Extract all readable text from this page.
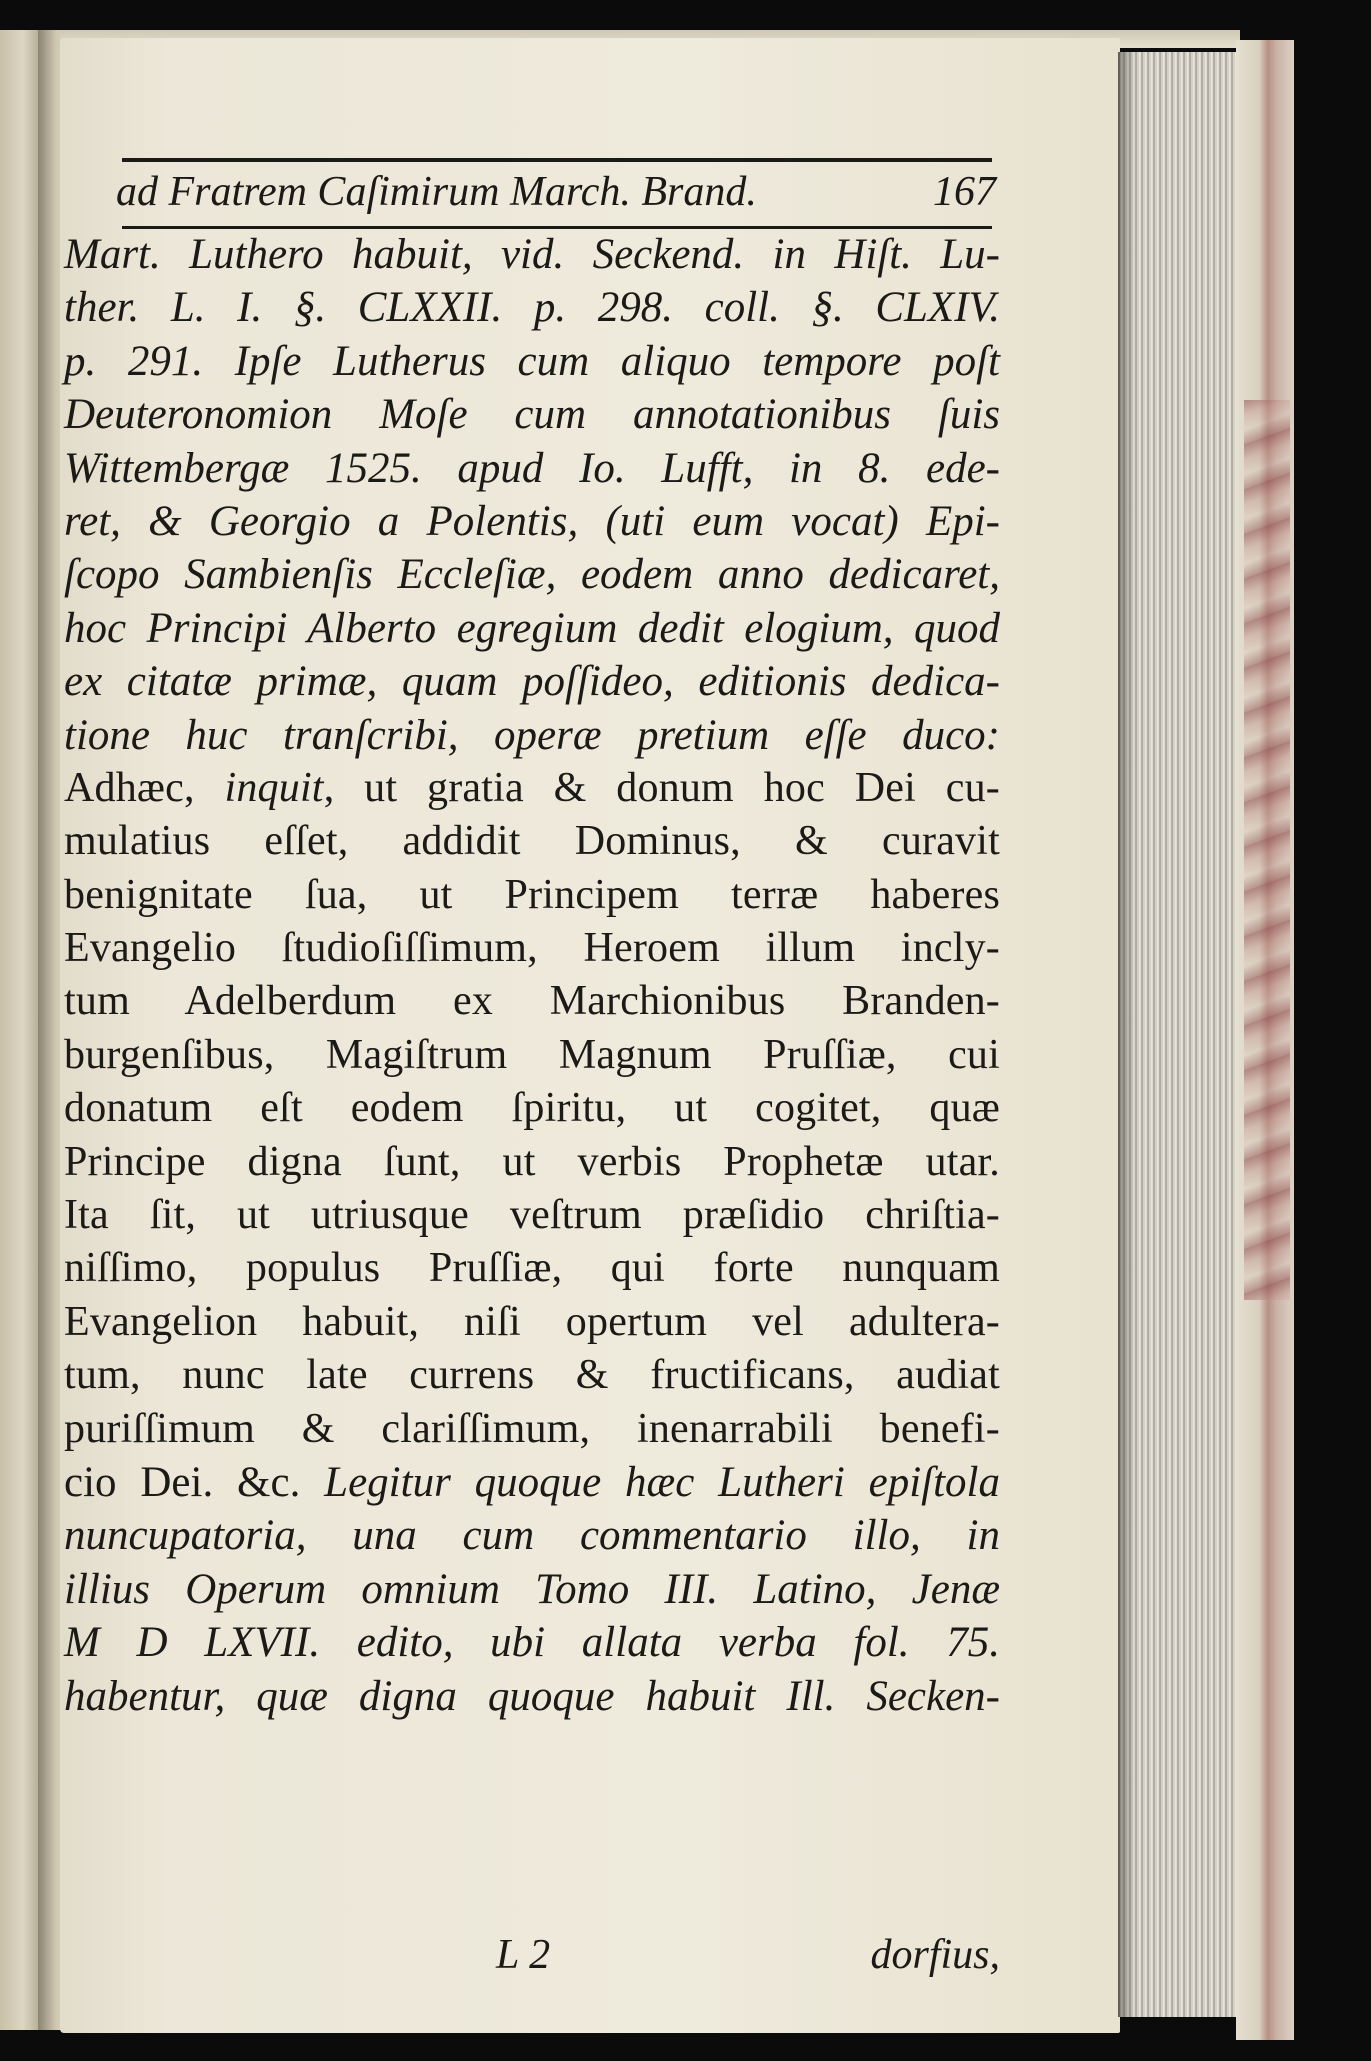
ad Fratrem Caſimirum March. Brand.	167
Mart. Luthero habuit, vid. Seckend. in Hiſt. Lu-
ther. L. I. §. CLXXII. p. 298. coll. §. CLXIV.
p. 291. Ipſe Lutherus cum aliquo tempore poſt
Deuteronomion Moſe cum annotationibus ſuis
Wittembergæ 1525. apud Io. Lufft, in 8. ede-
ret, & Georgio a Polentis, (uti eum vocat) Epi-
ſcopo Sambienſis Eccleſiæ, eodem anno dedicaret,
hoc Principi Alberto egregium dedit elogium, quod
ex citatæ primæ, quam poſſideo, editionis dedica-
tione huc tranſcribi, operæ pretium eſſe duco:
Adhæc, inquit, ut gratia & donum hoc Dei cu-
mulatius eſſet, addidit Dominus, & curavit
benignitate ſua, ut Principem terræ haberes
Evangelio ſtudioſiſſimum, Heroem illum incly-
tum Adelberdum ex Marchionibus Branden-
burgenſibus, Magiſtrum Magnum Pruſſiæ, cui
donatum eſt eodem ſpiritu, ut cogitet, quæ
Principe digna ſunt, ut verbis Prophetæ utar.
Ita ſit, ut utriusque veſtrum præſidio chriſtia-
niſſimo, populus Pruſſiæ, qui forte nunquam
Evangelion habuit, niſi opertum vel adultera-
tum, nunc late currens & fructificans, audiat
puriſſimum & clariſſimum, inenarrabili benefi-
cio Dei. &c. Legitur quoque hæc Lutheri epiſtola
nuncupatoria, una cum commentario illo, in
illius Operum omnium Tomo III. Latino, Jenæ
M D LXVII. edito, ubi allata verba fol. 75.
habentur, quæ digna quoque habuit Ill. Secken-
L 2	dorfius,
